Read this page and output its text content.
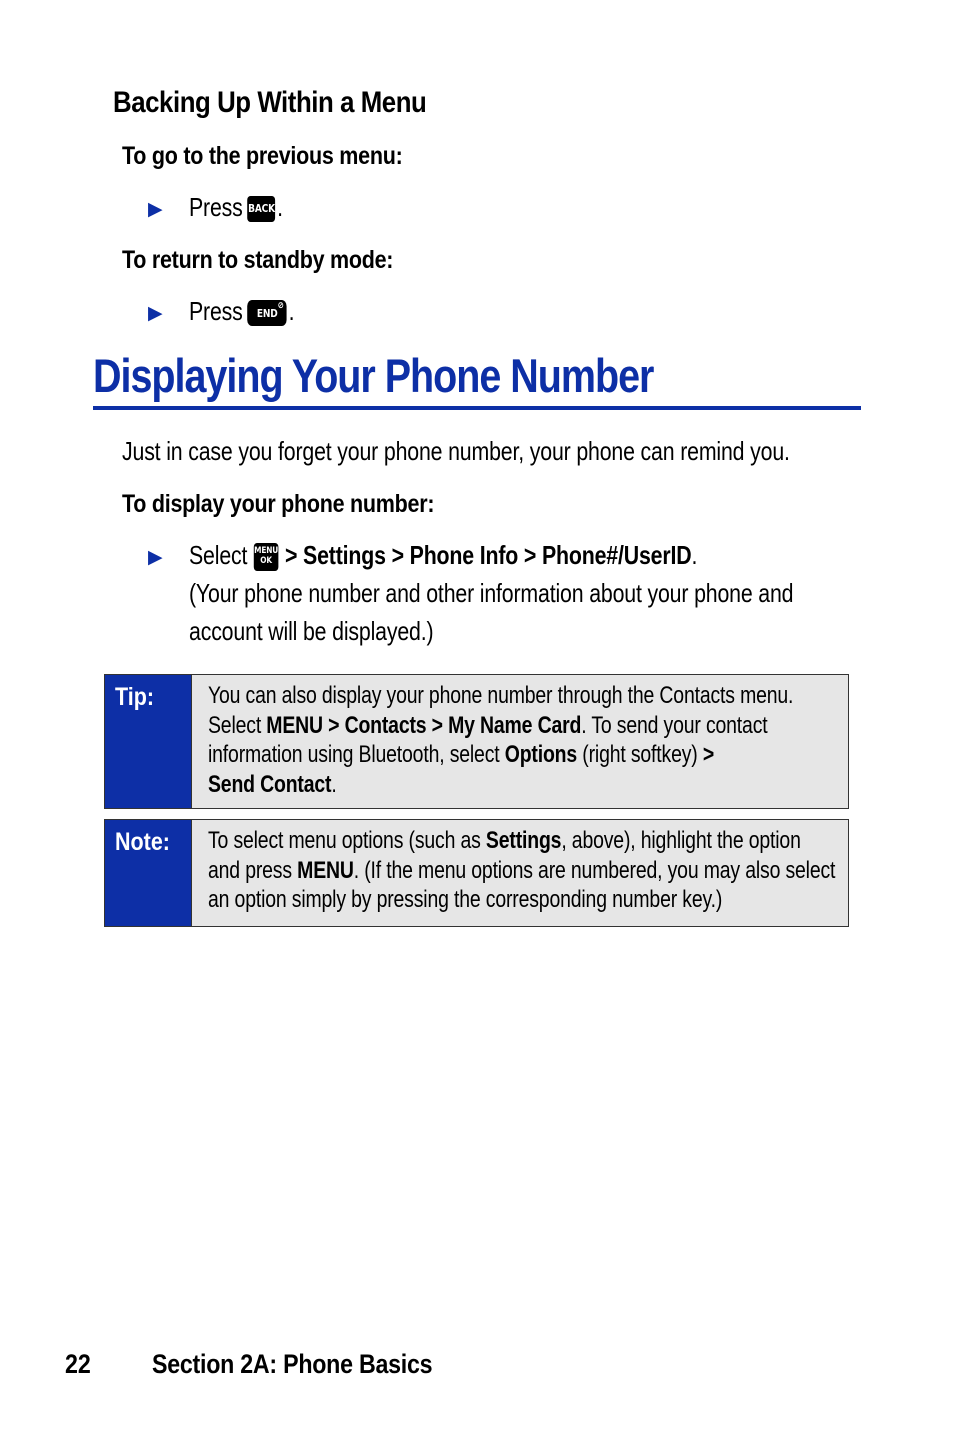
Backing Up Within a Menu
To go to the previous menu:
▶ Press BACK.
To return to standby mode:
▶ Press END
⊘ .
Displaying Your Phone Number
Just in case you forget your phone number, your phone can remind you.
To display your phone number:
▶ Select MENU
OK > Settings > Phone Info > Phone#/UserID.
(Your phone number and other information about your phone and
account will be displayed.)
Tip: You can also display your phone number through the Contacts menu.
Select MENU > Contacts > My Name Card. To send your contact
information using Bluetooth, select Options (right softkey) >
Send Contact.
Note: To select menu options (such as Settings, above), highlight the option
and press MENU. (If the menu options are numbered, you may also select
an option simply by pressing the corresponding number key.)
22 Section 2A: Phone Basics
